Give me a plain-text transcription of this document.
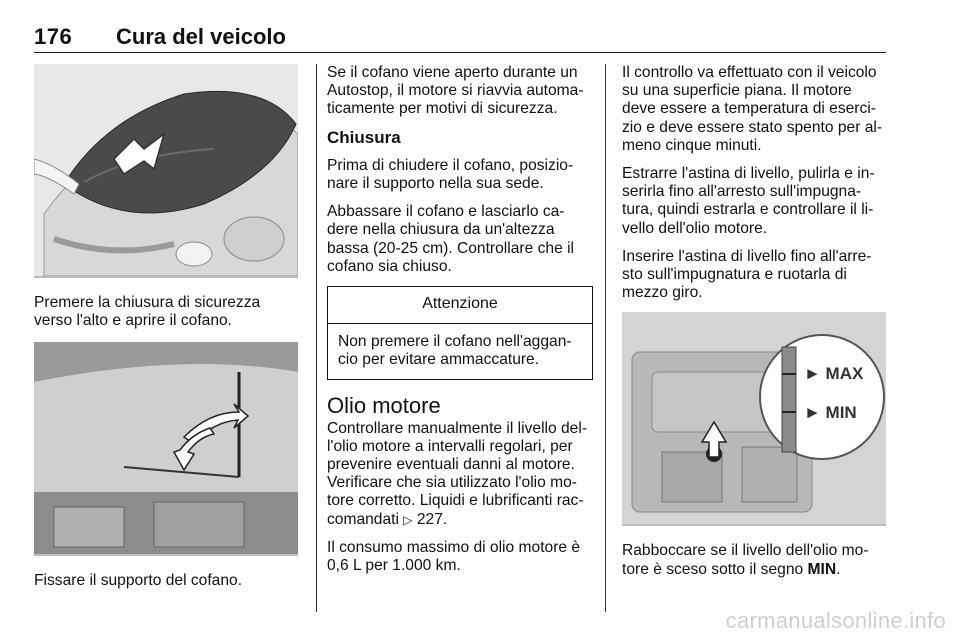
176 Cura del veicolo

Premere la chiusura di sicurezza
verso l'alto e aprire il cofano.

Fissare il supporto del cofano.

Se il cofano viene aperto durante un
Autostop, il motore si riavvia automa-
ticamente per motivi di sicurezza.

Chiusura

Prima di chiudere il cofano, posizio-
nare il supporto nella sua sede.

Abbassare il cofano e lasciarlo ca-
dere nella chiusura da un'altezza
bassa (20-25 cm). Controllare che il
cofano sia chiuso.

Attenzione
Non premere il cofano nell'aggan-
cio per evitare ammaccature.
Olio motore

Controllare manualmente il livello del-
l'olio motore a intervalli regolari, per
prevenire eventuali danni al motore.
Verificare che sia utilizzato l'olio mo-
tore corretto. Liquidi e lubrificanti rac-
comandati ▷ 227.

Il consumo massimo di olio motore è
0,6 L per 1.000 km.

Il controllo va effettuato con il veicolo
su una superficie piana. Il motore
deve essere a temperatura di eserci-
zio e deve essere stato spento per al-
meno cinque minuti.

Estrarre l'astina di livello, pulirla e in-
serirla fino all'arresto sull'impugna-
tura, quindi estrarla e controllare il li-
vello dell'olio motore.

Inserire l'astina di livello fino all'arre-
sto sull'impugnatura e ruotarla di
mezzo giro.

► MAX
► MIN

Rabboccare se il livello dell'olio mo-
tore è sceso sotto il segno MIN.

carmanualsonline.info
